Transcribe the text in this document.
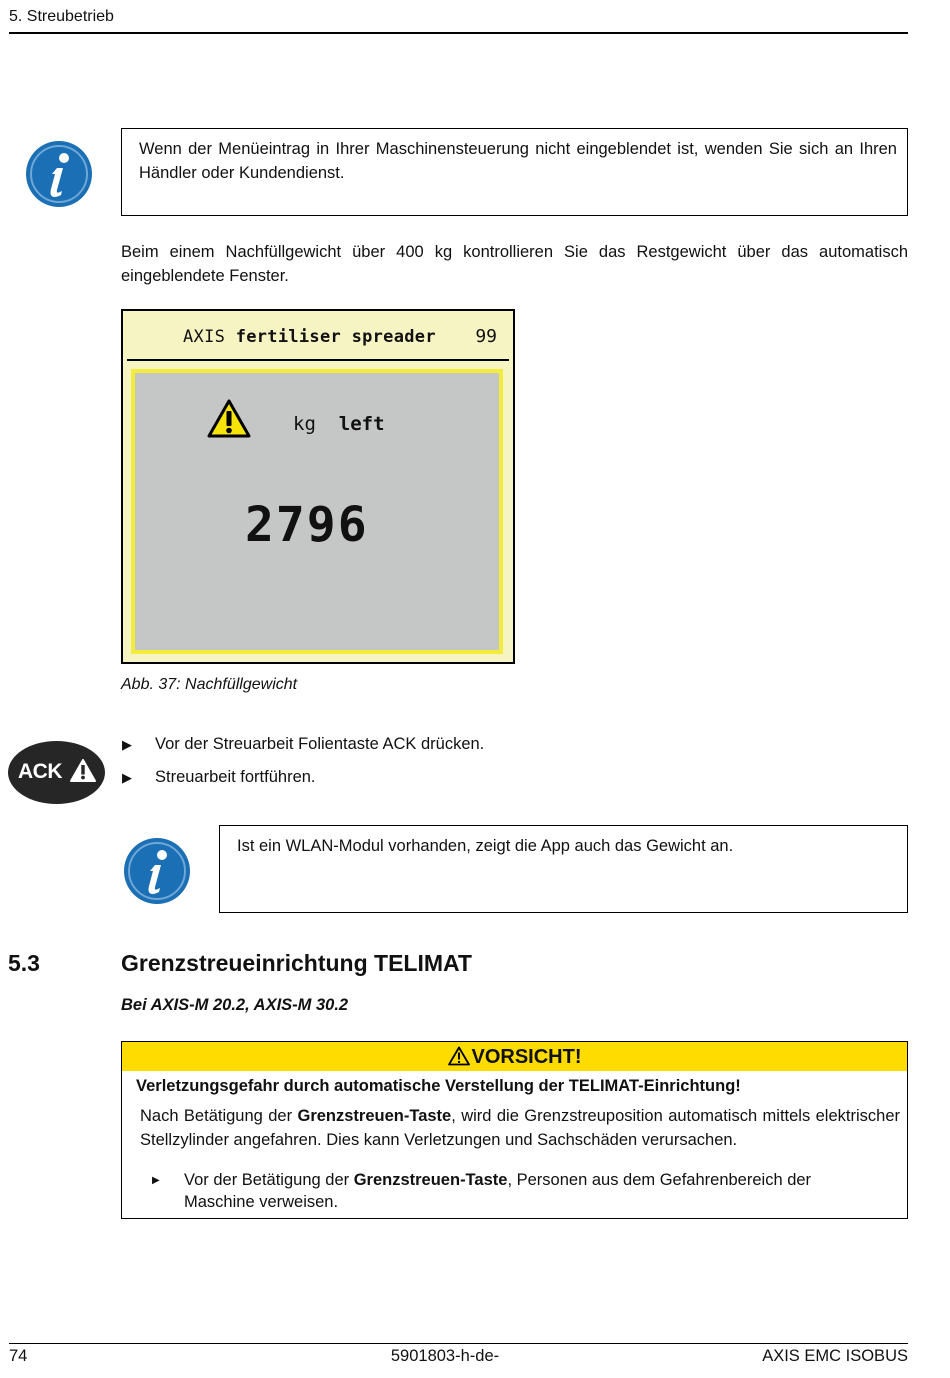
5. Streubetrieb
Wenn der Menüeintrag in Ihrer Maschinensteuerung nicht eingeblendet ist, wenden Sie sich an Ihren Händler oder Kundendienst.
Beim einem Nachfüllgewicht über 400 kg kontrollieren Sie das Restgewicht über das automatisch eingeblendete Fenster.
AXIS fertiliser spreader 99
kg left
2796
Abb. 37: Nachfüllgewicht
ACK
▶ Vor der Streuarbeit Folientaste ACK drücken.
▶ Streuarbeit fortführen.
Ist ein WLAN-Modul vorhanden, zeigt die App auch das Gewicht an.
5.3	Grenzstreueinrichtung TELIMAT
Bei AXIS-M 20.2, AXIS-M 30.2
VORSICHT!
Verletzungsgefahr durch automatische Verstellung der TELIMAT-Einrichtung!
Nach Betätigung der Grenzstreuen-Taste, wird die Grenzstreuposition automatisch mittels elektrischer Stellzylinder angefahren. Dies kann Verletzungen und Sachschäden verursachen.
▶ Vor der Betätigung der Grenzstreuen-Taste, Personen aus dem Gefahrenbereich der Maschine verweisen.
74	5901803-h-de-	AXIS EMC ISOBUS
